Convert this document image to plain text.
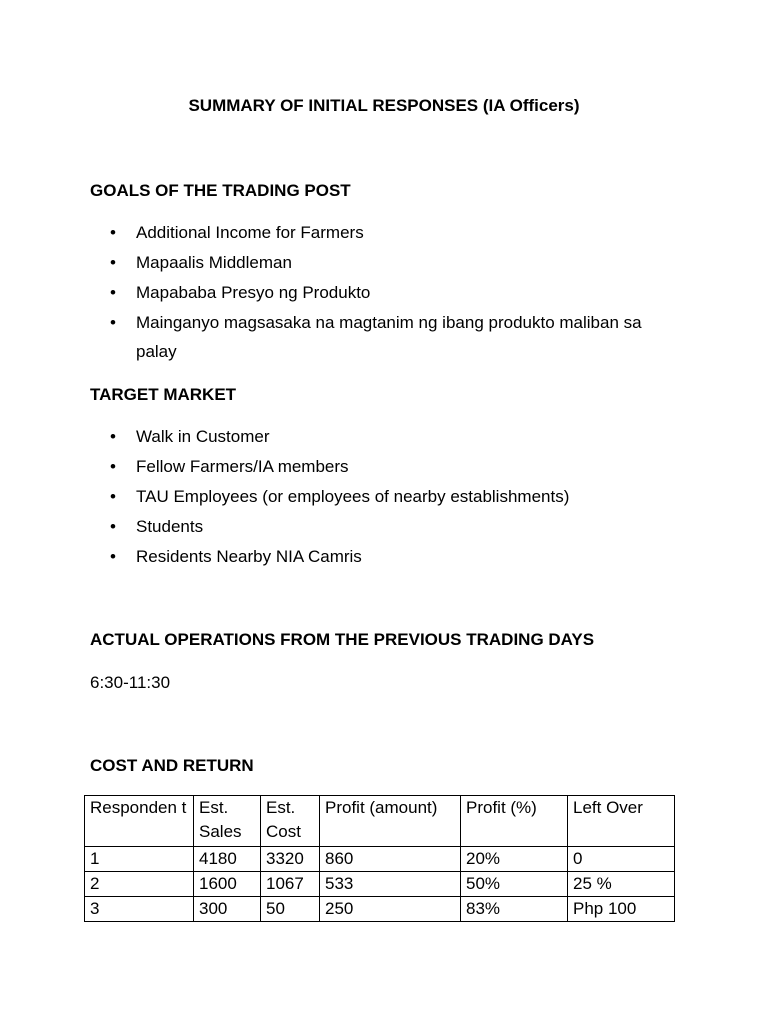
SUMMARY OF INITIAL RESPONSES (IA Officers)
GOALS OF THE TRADING POST
• Additional Income for Farmers
• Mapaalis Middleman
• Mapababa Presyo ng Produkto
• Mainganyo magsasaka na magtanim ng ibang produkto maliban sa palay
TARGET MARKET
• Walk in Customer
• Fellow Farmers/IA members
• TAU Employees (or employees of nearby establishments)
• Students
• Residents Nearby NIA Camris
ACTUAL OPERATIONS FROM THE PREVIOUS TRADING DAYS
6:30-11:30
COST AND RETURN
Responden t	Est. Sales	Est. Cost	Profit (amount)	Profit (%)	Left Over
1	4180	3320	860	20%	0
2	1600	1067	533	50%	25 %
3	300	50	250	83%	Php 100
